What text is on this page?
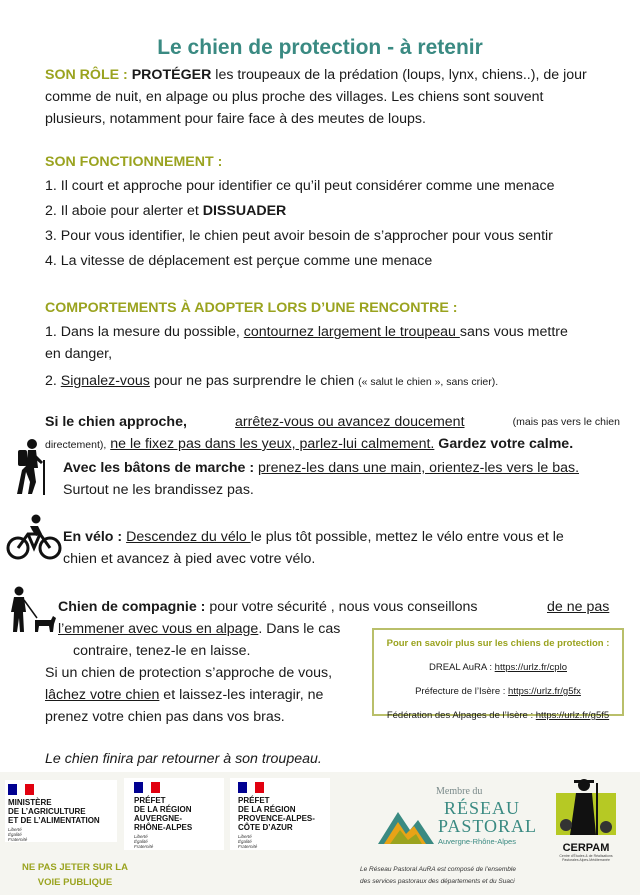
Le chien de protection - à retenir
SON RÔLE : PROTÉGER les troupeaux de la prédation (loups, lynx, chiens..), de jour
comme de nuit, en alpage ou plus proche des villages. Les chiens sont souvent
plusieurs, notamment pour faire face à des meutes de loups.
SON FONCTIONNEMENT :
1. Il court et approche pour identifier ce qu’il peut considérer comme une menace
2. Il aboie pour alerter et DISSUADER
3. Pour vous identifier, le chien peut avoir besoin de s’approcher pour vous sentir
4. La vitesse de déplacement est perçue comme une menace
COMPORTEMENTS À ADOPTER LORS D’UNE RENCONTRE :
1. Dans la mesure du possible, contournez largement le troupeau sans vous mettre
en danger,
2. Signalez-vous pour ne pas surprendre le chien (« salut le chien », sans crier).
Si le chien approche,	arrêtez-vous ou avancez doucement	(mais pas vers le chien
directement), ne le fixez pas dans les yeux, parlez-lui calmement. Gardez votre calme.
Avec les bâtons de marche : prenez-les dans une main, orientez-les vers le bas.
Surtout ne les brandissez pas.
En vélo : Descendez du vélo le plus tôt possible, mettez le vélo entre vous et le
chien et avancez à pied avec votre vélo.
Chien de compagnie : pour votre sécurité , nous vous conseillons	de ne pas
l’emmener avec vous en alpage. Dans le cas
contraire, tenez-le en laisse.
Si un chien de protection s’approche de vous,
lâchez votre chien et laissez-les interagir, ne
prenez votre chien pas dans vos bras.
Pour en savoir plus sur les chiens de protection :
DREAL AuRA : https://urlz.fr/cplo
Préfecture de l’Isère : https://urlz.fr/g5fx
Fédération des Alpages de l’Isère : https://urlz.fr/g5f5
Le chien finira par retourner à son troupeau.
MINISTÈRE
DE L’AGRICULTURE
ET DE L’ALIMENTATION
Liberté
Égalité
Fraternité
PRÉFET
DE LA RÉGION
AUVERGNE-
RHÔNE-ALPES
Liberté
Égalité
Fraternité
PRÉFET
DE LA RÉGION
PROVENCE-ALPES-
CÔTE D’AZUR
Liberté
Égalité
Fraternité
Membre du
RÉSEAU
PASTORAL
Auvergne-Rhône-Alpes
CERPAM
Centre d’Études & de Réalisations Pastorales Alpes-Méditerranée
NE PAS JETER SUR LA
VOIE PUBLIQUE
Le Réseau Pastoral AuRA est composé de l’ensemble
des services pastoraux des départements et du Suaci
